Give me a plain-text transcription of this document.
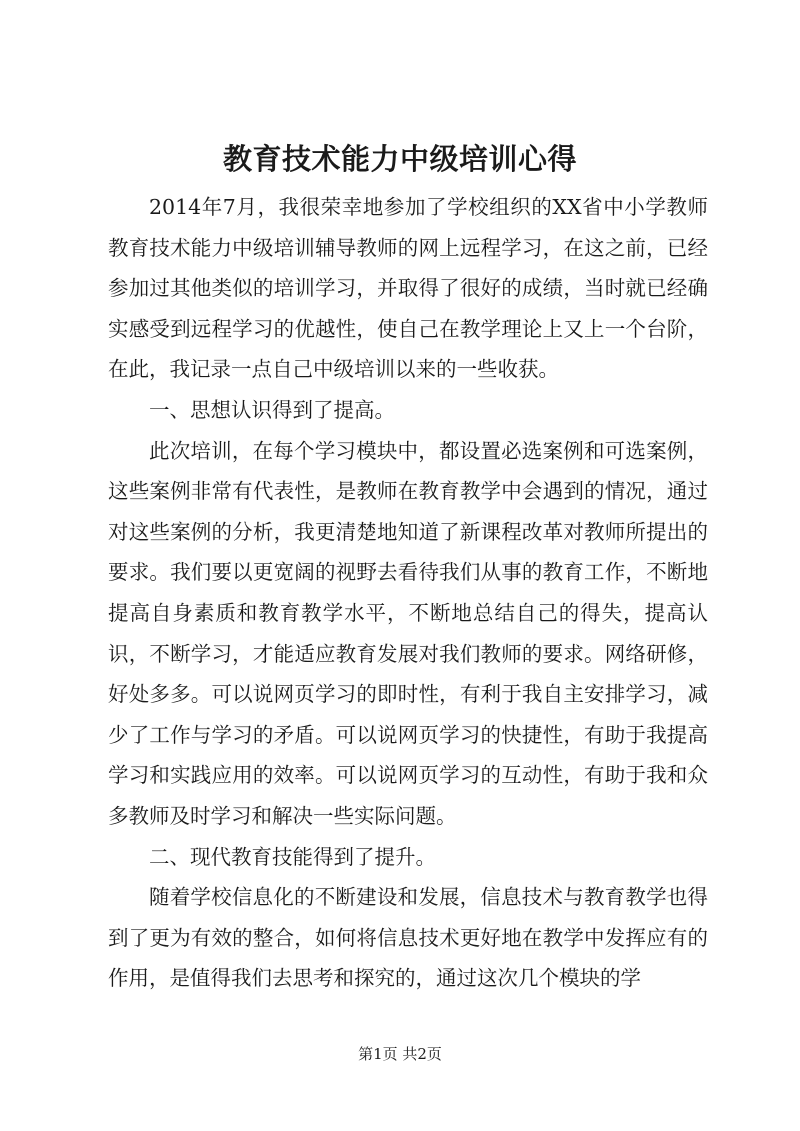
教育技术能力中级培训心得

2014年7月，我很荣幸地参加了学校组织的XX省中小学教师教育技术能力中级培训辅导教师的网上远程学习，在这之前，已经参加过其他类似的培训学习，并取得了很好的成绩，当时就已经确实感受到远程学习的优越性，使自己在教学理论上又上一个台阶，在此，我记录一点自己中级培训以来的一些收获。

一、思想认识得到了提高。

此次培训，在每个学习模块中，都设置必选案例和可选案例，这些案例非常有代表性，是教师在教育教学中会遇到的情况，通过对这些案例的分析，我更清楚地知道了新课程改革对教师所提出的要求。我们要以更宽阔的视野去看待我们从事的教育工作，不断地提高自身素质和教育教学水平，不断地总结自己的得失，提高认识，不断学习，才能适应教育发展对我们教师的要求。网络研修，好处多多。可以说网页学习的即时性，有利于我自主安排学习，减少了工作与学习的矛盾。可以说网页学习的快捷性，有助于我提高学习和实践应用的效率。可以说网页学习的互动性，有助于我和众多教师及时学习和解决一些实际问题。

二、现代教育技能得到了提升。

随着学校信息化的不断建设和发展，信息技术与教育教学也得到了更为有效的整合，如何将信息技术更好地在教学中发挥应有的作用，是值得我们去思考和探究的，通过这次几个模块的学

第1页 共2页
